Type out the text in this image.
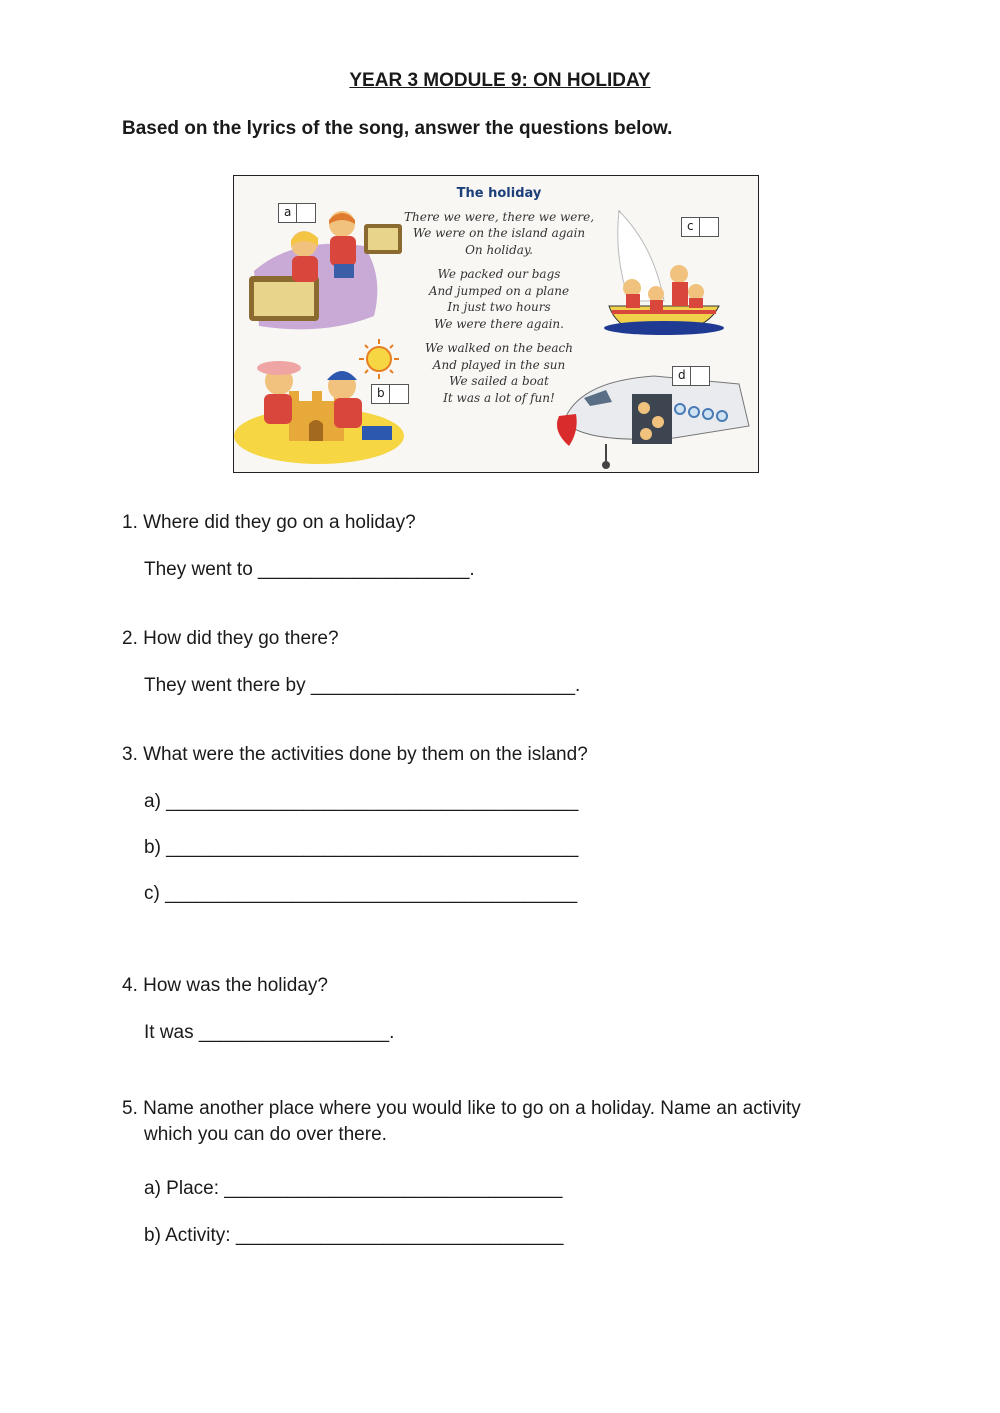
YEAR 3 MODULE 9: ON HOLIDAY
Based on the lyrics of the song, answer the questions below.
The holiday
There we were, there we were,
We were on the island again
On holiday.
We packed our bags
And jumped on a plane
In just two hours
We were there again.
We walked on the beach
And played in the sun
We sailed a boat
It was a lot of fun!
a
b
c
d
1. Where did they go on a holiday?
They went to ____________________.
2. How did they go there?
They went there by _________________________.
3. What were the activities done by them on the island?
a) _______________________________________
b) _______________________________________
c) _______________________________________
4. How was the holiday?
It was __________________.
5. Name another place where you would like to go on a holiday. Name an activity
which you can do over there.
a) Place: ________________________________
b) Activity: _______________________________
